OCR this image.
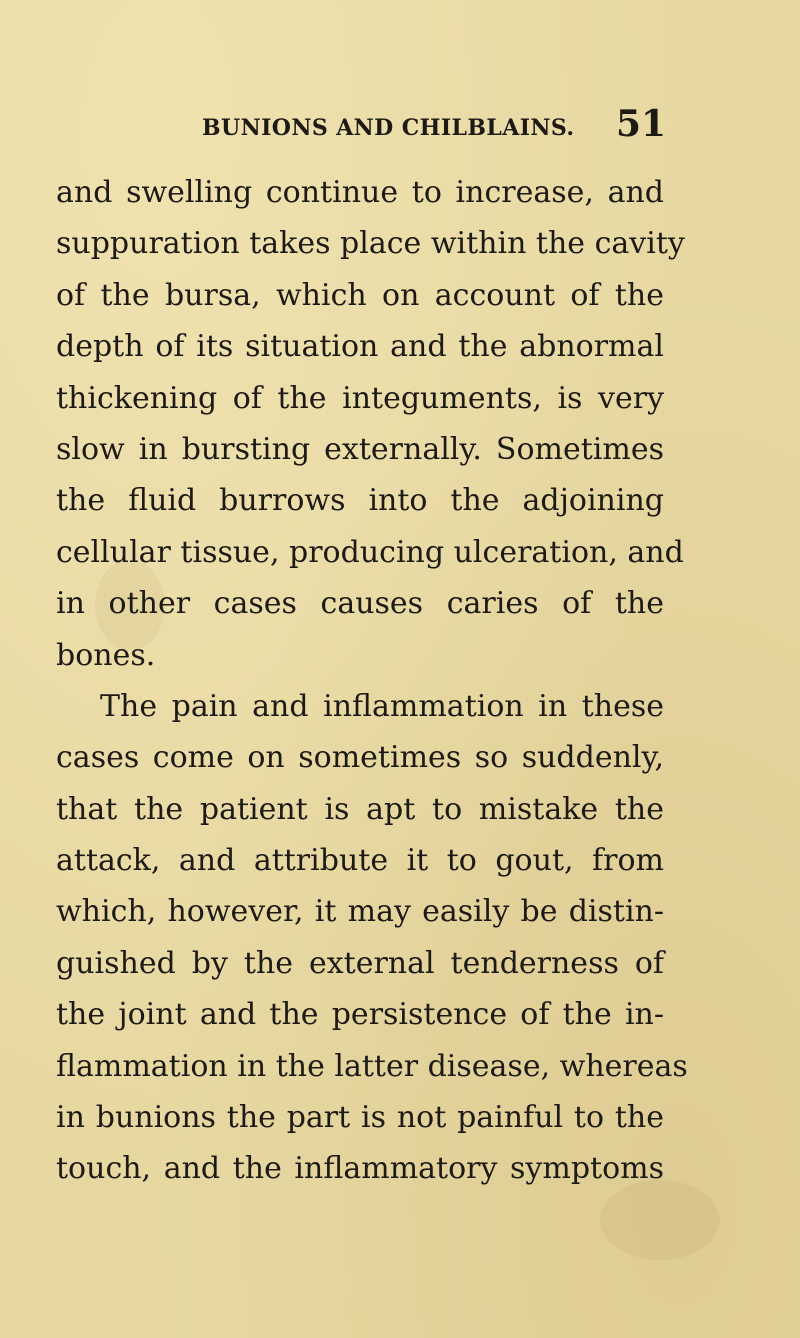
BUNIONS AND CHILBLAINS. 51
and swelling continue to increase, and
suppuration takes place within the cavity
of the bursa, which on account of the
depth of its situation and the abnormal
thickening of the integuments, is very
slow in bursting externally. Sometimes
the fluid burrows into the adjoining
cellular tissue, producing ulceration, and
in other cases causes caries of the
bones.
The pain and inflammation in these
cases come on sometimes so suddenly,
that the patient is apt to mistake the
attack, and attribute it to gout, from
which, however, it may easily be distin-
guished by the external tenderness of
the joint and the persistence of the in-
flammation in the latter disease, whereas
in bunions the part is not painful to the
touch, and the inflammatory symptoms
